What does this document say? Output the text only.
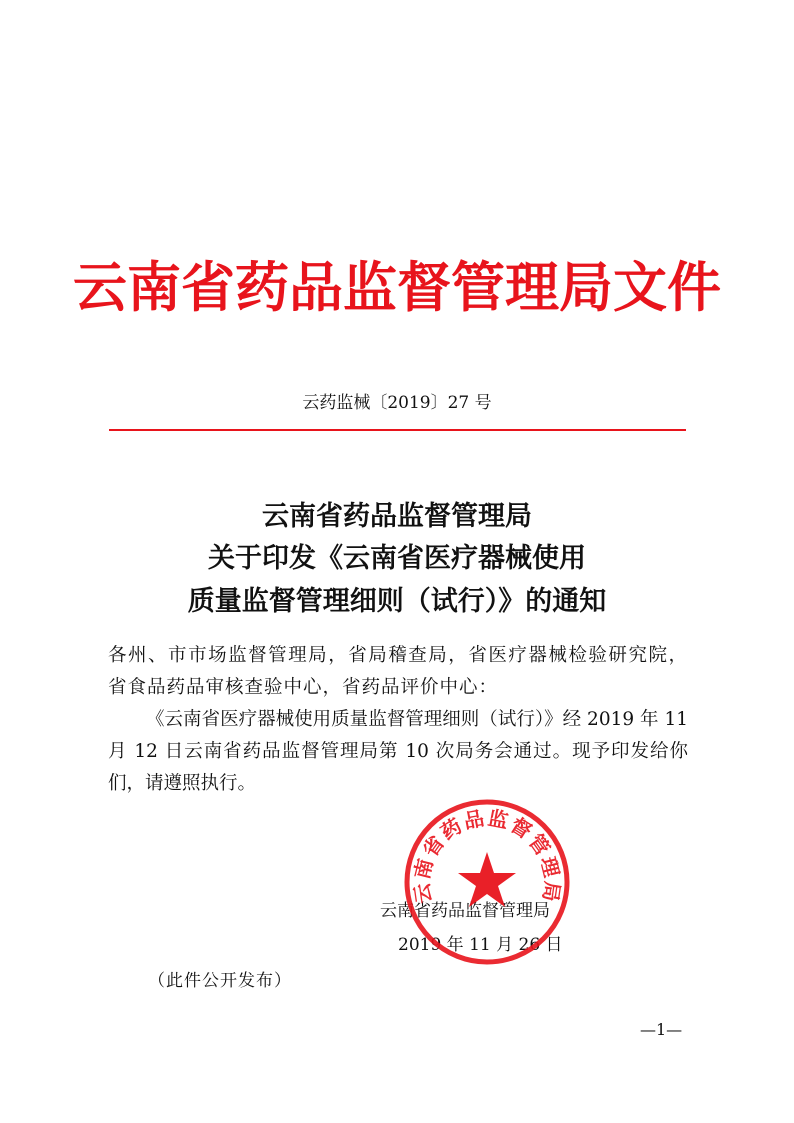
云南省药品监督管理局文件
云药监械〔2019〕27 号
云南省药品监督管理局
关于印发《云南省医疗器械使用
质量监督管理细则（试行）》的通知
各州、市市场监督管理局，省局稽查局，省医疗器械检验研究院，省食品药品审核查验中心，省药品评价中心：
《云南省医疗器械使用质量监督管理细则（试行）》经 2019 年 11 月 12 日云南省药品监督管理局第 10 次局务会通过。现予印发给你们，请遵照执行。
云南省药品监督管理局
2019 年 11 月 26 日
云南省药品监督管理局
（此件公开发布）
—1—
